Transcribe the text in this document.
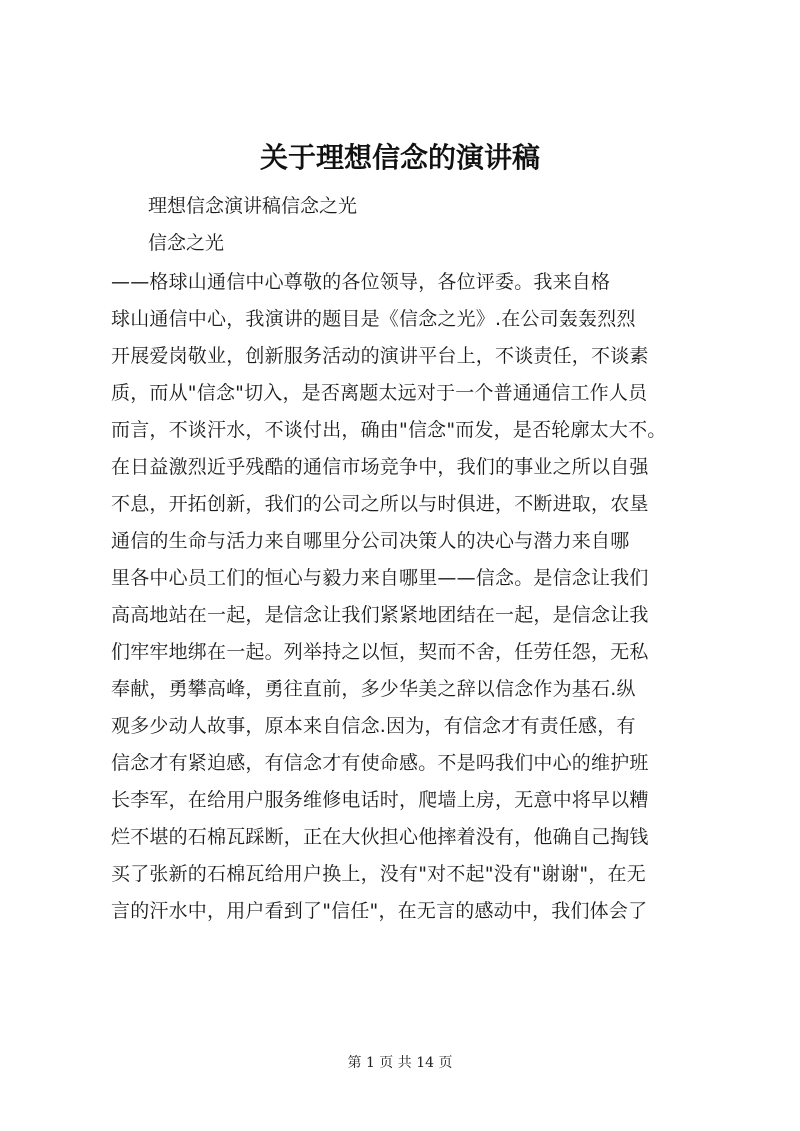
关于理想信念的演讲稿

理想信念演讲稿信念之光

信念之光

——格球山通信中心尊敬的各位领导，各位评委。我来自格

球山通信中心，我演讲的题目是《信念之光》.在公司轰轰烈烈

开展爱岗敬业，创新服务活动的演讲平台上，不谈责任，不谈素

质，而从"信念"切入，是否离题太远对于一个普通通信工作人员

而言，不谈汗水，不谈付出，确由"信念"而发，是否轮廓太大不。

在日益激烈近乎残酷的通信市场竞争中，我们的事业之所以自强

不息，开拓创新，我们的公司之所以与时俱进，不断进取，农垦

通信的生命与活力来自哪里分公司决策人的决心与潜力来自哪

里各中心员工们的恒心与毅力来自哪里——信念。是信念让我们

高高地站在一起，是信念让我们紧紧地团结在一起，是信念让我

们牢牢地绑在一起。列举持之以恒，契而不舍，任劳任怨，无私

奉献，勇攀高峰，勇往直前，多少华美之辞以信念作为基石.纵

观多少动人故事，原本来自信念.因为，有信念才有责任感，有

信念才有紧迫感，有信念才有使命感。不是吗我们中心的维护班

长李军，在给用户服务维修电话时，爬墙上房，无意中将早以糟

烂不堪的石棉瓦踩断，正在大伙担心他摔着没有，他确自己掏钱

买了张新的石棉瓦给用户换上，没有"对不起"没有"谢谢"，在无

言的汗水中，用户看到了"信任"，在无言的感动中，我们体会了

第 1 页 共 14 页
